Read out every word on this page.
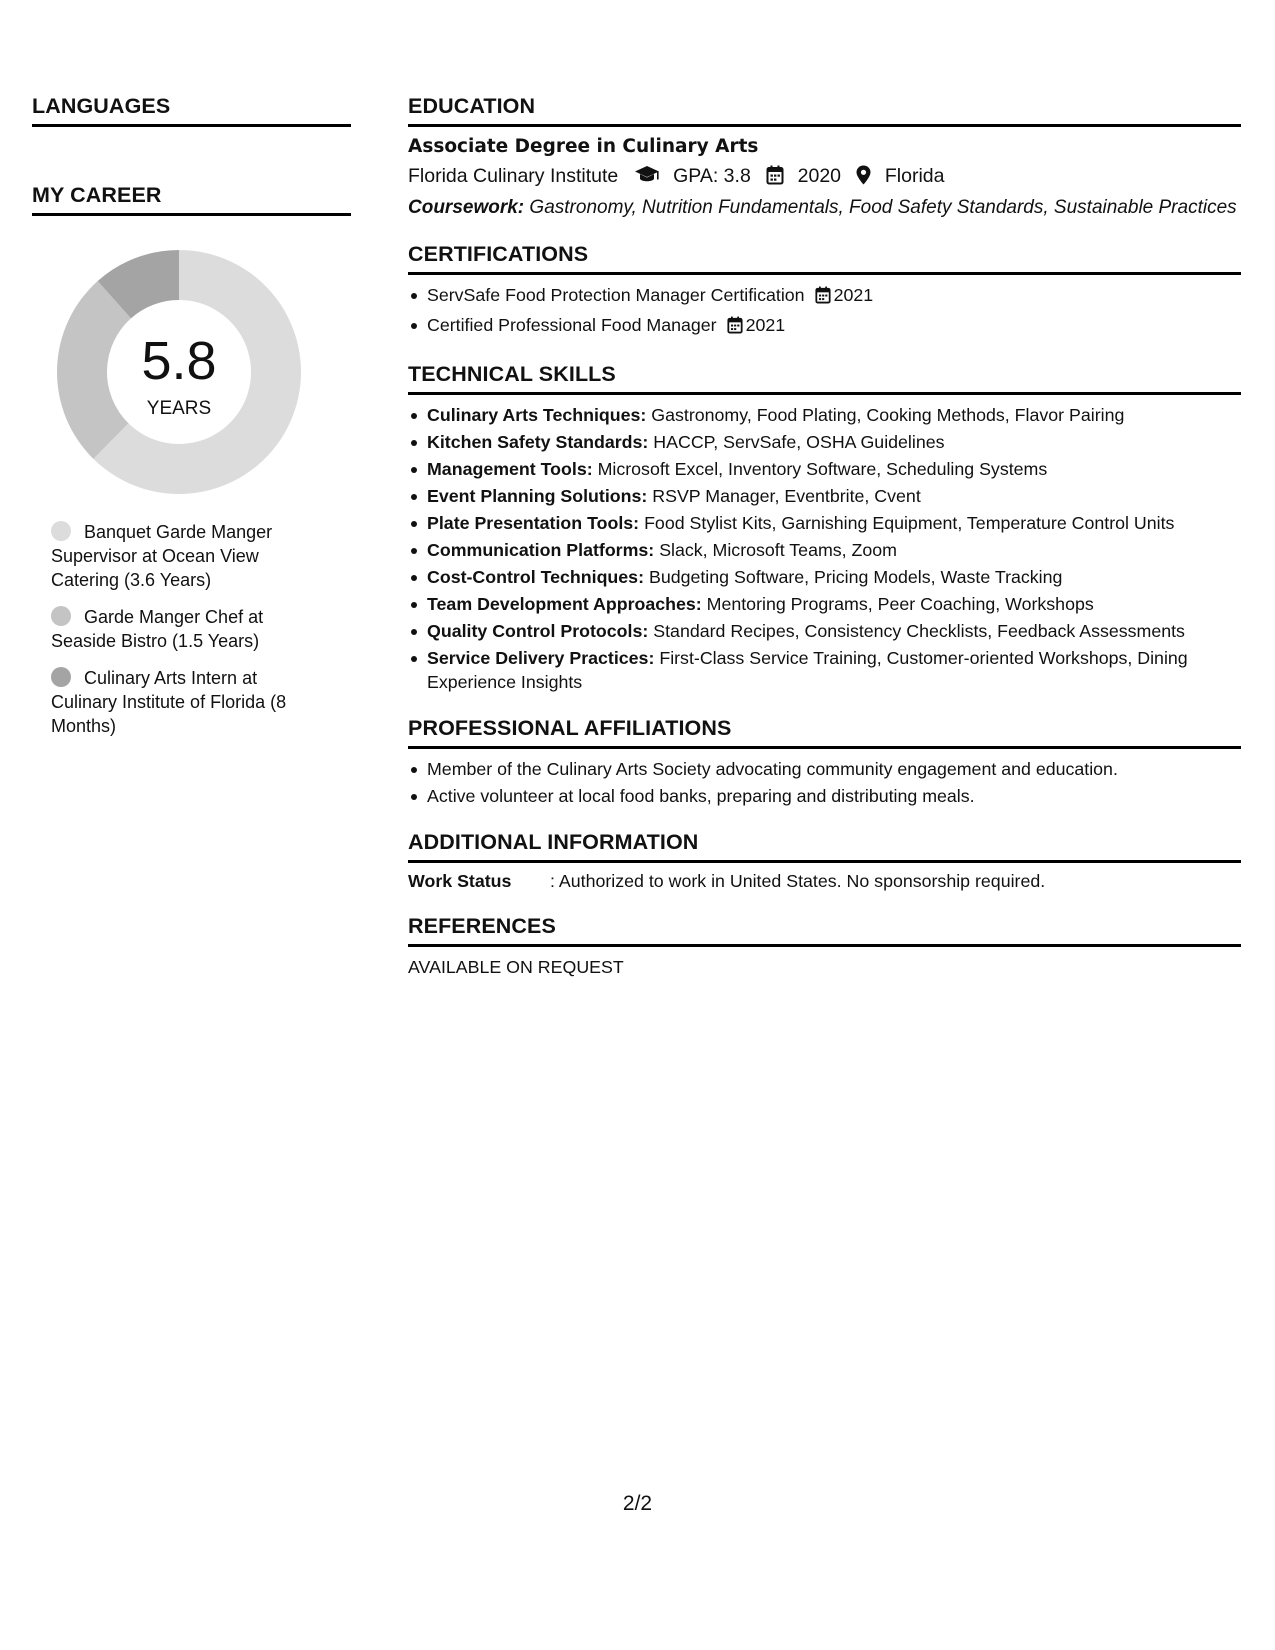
LANGUAGES
MY CAREER
5.8
YEARS
Banquet Garde Manger Supervisor at Ocean View Catering (3.6 Years)
Garde Manger Chef at Seaside Bistro (1.5 Years)
Culinary Arts Intern at Culinary Institute of Florida (8 Months)
EDUCATION
Associate Degree in Culinary Arts
Florida Culinary Institute	GPA: 3.8 2020 Florida
Coursework: Gastronomy, Nutrition Fundamentals, Food Safety Standards, Sustainable Practices
CERTIFICATIONS
ServSafe Food Protection Manager Certification 2021
Certified Professional Food Manager 2021
TECHNICAL SKILLS
Culinary Arts Techniques: Gastronomy, Food Plating, Cooking Methods, Flavor Pairing
Kitchen Safety Standards: HACCP, ServSafe, OSHA Guidelines
Management Tools: Microsoft Excel, Inventory Software, Scheduling Systems
Event Planning Solutions: RSVP Manager, Eventbrite, Cvent
Plate Presentation Tools: Food Stylist Kits, Garnishing Equipment, Temperature Control Units
Communication Platforms: Slack, Microsoft Teams, Zoom
Cost-Control Techniques: Budgeting Software, Pricing Models, Waste Tracking
Team Development Approaches: Mentoring Programs, Peer Coaching, Workshops
Quality Control Protocols: Standard Recipes, Consistency Checklists, Feedback Assessments
Service Delivery Practices: First-Class Service Training, Customer-oriented Workshops, Dining Experience Insights
PROFESSIONAL AFFILIATIONS
Member of the Culinary Arts Society advocating community engagement and education.
Active volunteer at local food banks, preparing and distributing meals.
ADDITIONAL INFORMATION
Work Status : Authorized to work in United States. No sponsorship required.
REFERENCES
AVAILABLE ON REQUEST
2/2
